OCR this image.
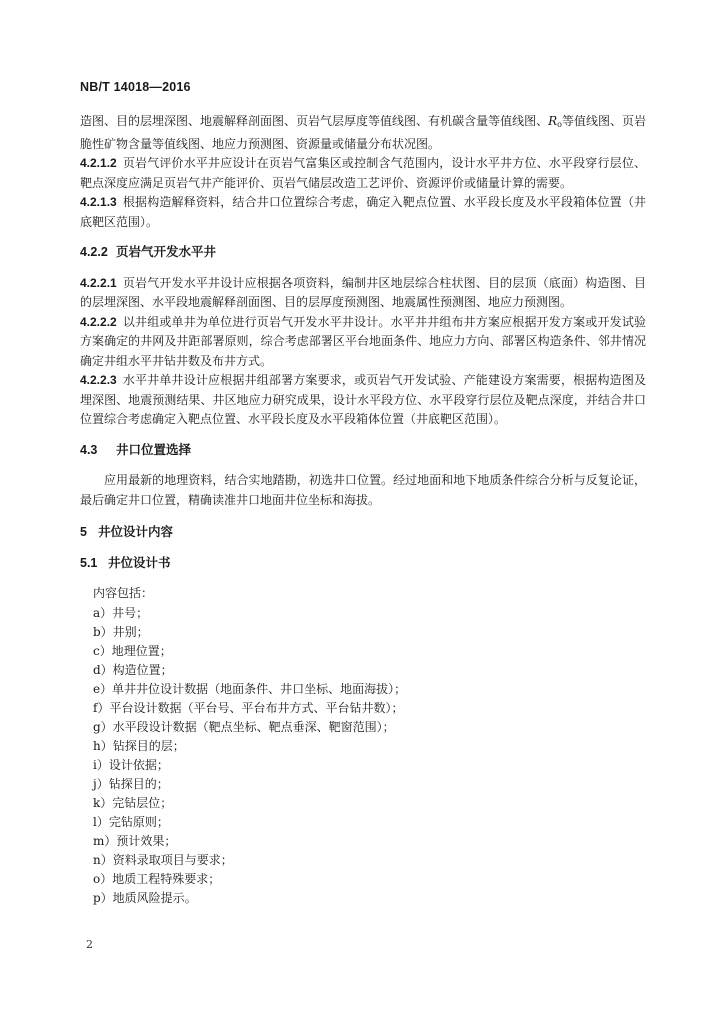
NB/T 14018—2016

造图、目的层埋深图、地震解释剖面图、页岩气层厚度等值线图、有机碳含量等值线图、$R_o$等值线图、页岩脆性矿物含量等值线图、地应力预测图、资源量或储量分布状况图。

4.2.1.2 页岩气评价水平井应设计在页岩气富集区或控制含气范围内，设计水平井方位、水平段穿行层位、靶点深度应满足页岩气井产能评价、页岩气储层改造工艺评价、资源评价或储量计算的需要。

4.2.1.3 根据构造解释资料，结合井口位置综合考虑，确定入靶点位置、水平段长度及水平段箱体位置（井底靶区范围）。

4.2.2 页岩气开发水平井

4.2.2.1 页岩气开发水平井设计应根据各项资料，编制井区地层综合柱状图、目的层顶（底面）构造图、目的层埋深图、水平段地震解释剖面图、目的层厚度预测图、地震属性预测图、地应力预测图。

4.2.2.2 以井组或单井为单位进行页岩气开发水平井设计。水平井井组布井方案应根据开发方案或开发试验方案确定的井网及井距部署原则，综合考虑部署区平台地面条件、地应力方向、部署区构造条件、邻井情况确定井组水平井钻井数及布井方式。

4.2.2.3 水平井单井设计应根据井组部署方案要求，或页岩气开发试验、产能建设方案需要，根据构造图及埋深图、地震预测结果、井区地应力研究成果，设计水平段方位、水平段穿行层位及靶点深度，并结合井口位置综合考虑确定入靶点位置、水平段长度及水平段箱体位置（井底靶区范围）。

4.3 井口位置选择

应用最新的地理资料，结合实地踏勘，初选井口位置。经过地面和地下地质条件综合分析与反复论证，最后确定井口位置，精确读准井口地面井位坐标和海拔。

5 井位设计内容

5.1 井位设计书

内容包括：

a）井号；
b）井别；
c）地理位置；
d）构造位置；
e）单井井位设计数据（地面条件、井口坐标、地面海拔）；
f）平台设计数据（平台号、平台布井方式、平台钻井数）；
g）水平段设计数据（靶点坐标、靶点垂深、靶窗范围）；
h）钻探目的层；
i）设计依据；
j）钻探目的；
k）完钻层位；
l）完钻原则；
m）预计效果；
n）资料录取项目与要求；
o）地质工程特殊要求；
p）地质风险提示。
2
